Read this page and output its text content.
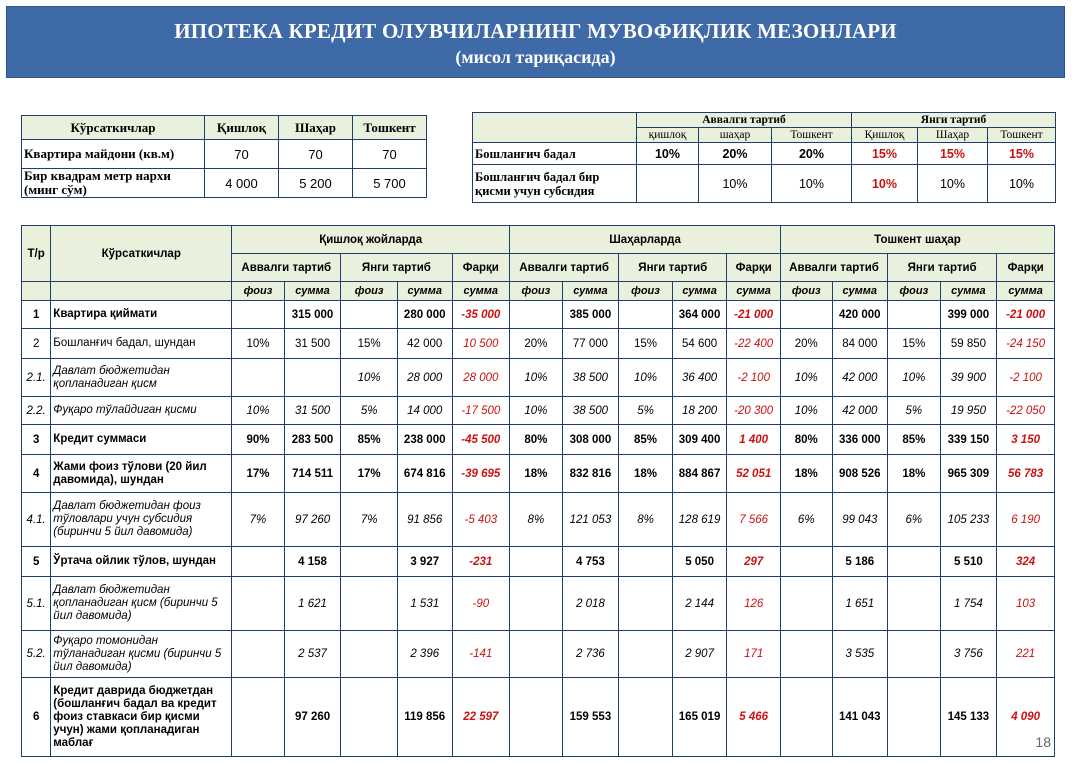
ИПОТЕКА КРЕДИТ ОЛУВЧИЛАРНИНГ МУВОФИҚЛИК МЕЗОНЛАРИ
(мисол тариқасида)
Кўрсаткичлар	Қишлоқ	Шаҳар	Тошкент
Квартира майдони (кв.м)	70	70	70
Бир квадрам метр нархи (минг сўм)	4 000	5 200	5 700
	Аввалги тартиб			Янги тартиб		
	қишлоқ	шаҳар	Тошкент	Қишлоқ	Шаҳар	Тошкент
Бошланғич бадал	10%	20%	20%	15%	15%	15%
Бошланғич бадал бир қисми учун субсидия		10%	10%	10%	10%	10%
Т/р	Кўрсаткичлар	Қишлоқ жойларда					Шаҳарларда					Тошкент шаҳар				
		Аввалги тартиб		Янги тартиб		Фарқи	Аввалги тартиб		Янги тартиб		Фарқи	Аввалги тартиб		Янги тартиб		Фарқи
		фоиз	сумма	фоиз	сумма	сумма	фоиз	сумма	фоиз	сумма	сумма	фоиз	сумма	фоиз	сумма	сумма
1	Квартира қиймати		315 000		280 000	-35 000		385 000		364 000	-21 000		420 000		399 000	-21 000
2	Бошланғич бадал, шундан	10%	31 500	15%	42 000	10 500	20%	77 000	15%	54 600	-22 400	20%	84 000	15%	59 850	-24 150
2.1.	Давлат бюджетидан қопланадиган қисм			10%	28 000	28 000	10%	38 500	10%	36 400	-2 100	10%	42 000	10%	39 900	-2 100
2.2.	Фуқаро тўлайдиган қисми	10%	31 500	5%	14 000	-17 500	10%	38 500	5%	18 200	-20 300	10%	42 000	5%	19 950	-22 050
3	Кредит суммаси	90%	283 500	85%	238 000	-45 500	80%	308 000	85%	309 400	1 400	80%	336 000	85%	339 150	3 150
4	Жами фоиз тўлови (20 йил давомида), шундан	17%	714 511	17%	674 816	-39 695	18%	832 816	18%	884 867	52 051	18%	908 526	18%	965 309	56 783
4.1.	Давлат бюджетидан фоиз тўловлари учун субсидия (биринчи 5 йил давомида)	7%	97 260	7%	91 856	-5 403	8%	121 053	8%	128 619	7 566	6%	99 043	6%	105 233	6 190
5	Ўртача ойлик тўлов, шундан		4 158		3 927	-231		4 753		5 050	297		5 186		5 510	324
5.1.	Давлат бюджетидан қопланадиган қисм (биринчи 5 йил давомида)		1 621		1 531	-90		2 018		2 144	126		1 651		1 754	103
5.2.	Фуқаро томонидан тўланадиган қисми (биринчи 5 йил давомида)		2 537		2 396	-141		2 736		2 907	171		3 535		3 756	221
6	Кредит даврида бюджетдан (бошланғич бадал ва кредит фоиз ставкаси бир қисми учун) жами қопланадиган маблағ		97 260		119 856	22 597		159 553		165 019	5 466		141 043		145 133	4 090
18
